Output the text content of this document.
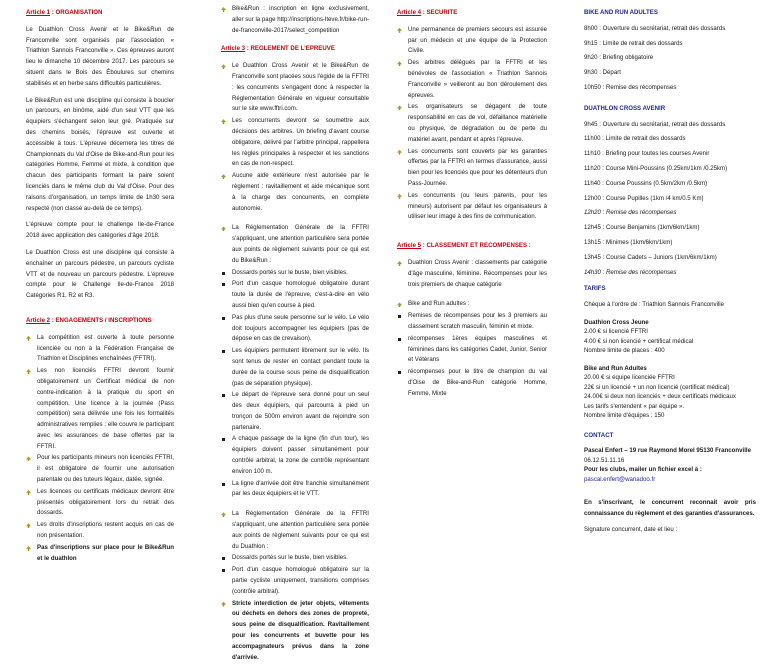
Article 1 : ORGANISATION

Le Duathlon Cross Avenir et le Bike&Run de Franconville sont organisés par l'association « Triathlon Sannois Franconville ». Ces épreuves auront lieu le dimanche 10 décembre 2017. Les parcours se situent dans le Bois des Éboulures sur chemins stabilisés et en herbe sans difficultés particulières.

Le Bike&Run est une discipline qui consiste à boucler un parcours, en binôme, aidé d'un seul VTT que les équipiers s'échangent selon leur gré. Pratiquée sur des chemins boisés, l'épreuve est ouverte et accessible à tous. L'épreuve décernera les titres de Championnats du Val d'Oise de Bike-and-Run pour les catégories Homme, Femme et mixte, à condition que chacun des participants formant la paire soient licenciés dans le même club du Val d'Oise. Pour des raisons d'organisation, un temps limite de 1h30 sera respecté (non classé au-delà de ce temps).

L'épreuve compte pour le challenge Ile-de-France 2018 avec application des catégories d'âge 2018.

Le Duathlon Cross est une discipline qui consiste à enchaîner un parcours pédestre, un parcours cycliste VTT et de nouveau un parcours pédestre. L'épreuve compte pour le Challenge Ile-de-France 2018 Catégories R1, R2 et R3.

Article 2 : ENGAGEMENTS / INSCRIPTIONS
La compétition est ouverte à toute personne licenciée ou non à la Fédération Française de Triathlon et Disciplines enchaînées (FFTRI).
Les non licenciés FFTRI devront fournir obligatoirement un Certificat médical de non contre-indication à la pratique du sport en compétition. Une licence à la journée (Pass compétition) sera délivrée une fois les formalités administratives remplies : elle couvre le participant avec les assurances de base offertes par la FFTRI.
Pour les participants mineurs non licenciés FFTRI, il est obligatoire de fournir une autorisation parentale ou des tuteurs légaux, datée, signée.
Les licences ou certificats médicaux devront être présentés obligatoirement lors du retrait des dossards.
Les droits d'inscriptions restent acquis en cas de non présentation.
Pas d'inscriptions sur place pour le Bike&Run et le duathlon
Bike&Run : inscription en ligne exclusivement, aller sur la page http://inscriptions-lteve.fr/bike-run-de-franconville-2017/select_competition
Article 3 : REGLEMENT DE L'EPREUVE
Le Duathlon Cross Avenir et le Bike&Run de Franconville sont placées sous l'égide de la FFTRI : les concurrents s'engagent donc à respecter la Réglementation Générale en vigueur consultable sur le site www.fftri.com.
Les concurrents devront se soumettre aux décisions des arbitres. Un briefing d'avant course obligatoire, délivré par l'arbitre principal, rappellera les règles principales à respecter et les sanctions en cas de non-respect.
Aucune aide extérieure n'est autorisée par le règlement : ravitaillement et aide mécanique sont à la charge des concurrents, en complète autonomie.
La Réglementation Générale de la FFTRI s'appliquant, une attention particulière sera portée aux points de règlement suivants pour ce qui est du Bike&Run :
Dossards portés sur le buste, bien visibles.
Port d'un casque homologué obligatoire durant toute la durée de l'épreuve, c'est-à-dire en vélo aussi bien qu'en course à pied.
Pas plus d'une seule personne sur le vélo. Le vélo doit toujours accompagner les équipiers (pas de dépose en cas de crevaison).
Les équipiers permutent librement sur le vélo. Ils sont tenus de rester en contact pendant toute la durée de la course sous peine de disqualification (pas de séparation physique).
Le départ de l'épreuve sera donné pour un seul des deux équipiers, qui parcourra à pied un tronçon de 500m environ avant de rejoindre son partenaire.
A chaque passage de la ligne (fin d'un tour), les équipiers doivent passer simultanément pour contrôle arbitral, la zone de contrôle représentant environ 100 m.
La ligne d'arrivée doit être franchie simultanément par les deux équipiers et le VTT.
La Réglementation Générale de la FFTRI s'appliquant, une attention particulière sera portée aux points de règlement suivants pour ce qui est du Duathlon :
Dossards portés sur le buste, bien visibles.
Port d'un casque homologué obligatoire sur la partie cycliste uniquement, transitions comprises (contrôle arbitral).
Stricte interdiction de jeter objets, vêtements ou déchets en dehors des zones de propreté, sous peine de disqualification. Ravitaillement pour les concurrents et buvette pour les accompagnateurs prévus dans la zone d'arrivée.
Article 4 : SECURITE
Une permanence de premiers secours est assurée par un médecin et une équipe de la Protection Civile.
Des arbitres délégués par la FFTRI et les bénévoles de l'association « Triathlon Sannois Franconville » veilleront au bon déroulement des épreuves.
Les organisateurs se dégagent de toute responsabilité en cas de vol, défaillance matérielle ou physique, de dégradation ou de perte du matériel avant, pendant et après l'épreuve.
Les concurrents sont couverts par les garanties offertes par la FFTRI en termes d'assurance, aussi bien pour les licenciés que pour les détenteurs d'un Pass-Journée.
Les concurrents (ou leurs parents, pour les mineurs) autorisent par défaut les organisateurs à utiliser leur image à des fins de communication.
Article 5 : CLASSEMENT ET RECOMPENSES :
Duathlon Cross Avenir : classements par catégorie d'âge masculine, féminine. Récompenses pour les trois premiers de chaque catégorie
Bike and Run adultes :
Remises de récompenses pour les 3 premiers au classement scratch masculin, féminin et mixte.
récompenses 1ères équipes masculines et féminines dans les catégories Cadet, Junior, Senior et Vétérans
récompenses pour le titre de champion du val d'Oise de Bike-and-Run catégorie Homme, Femme, Mixte
BIKE AND RUN ADULTES
8h00 : Ouverture du secrétariat, retrait des dossards
9h15 : Limite de retrait des dossards
9h20 : Briefing obligatoire
9h30 : Départ
10h50 : Remise des récompenses
DUATHLON CROSS AVENIR
9h45 : Ouverture du secrétariat, retrait des dossards
11h00 : Limite de retrait des dossards
11h10 : Briefing pour toutes les courses Avenir
11h20 : Course Mini-Poussins (0.25km/1km /0.25km)
11h40 : Course Poussins (0.5km/2km /0.5km)
12h00 : Course Pupilles (1km /4 km/0.5 Km)
12h20 : Remise des récompenses
12h45 : Course Benjamins (1km/6km/1km)
13h15 : Minimes (1km/6km/1km)
13h45 : Course Cadets – Juniors (1km/6km/1km)
14h30 : Remise des récompenses
TARIFS
Chèque à l'ordre de : Triathlon Sannois Franconville
Duathlon Cross Jeune
2.00 € si licencié FFTRI
4.00 € si non licencié + certificat médical
Nombre limite de places : 400
Bike and Run Adultes
20.00 € si équipe licenciée FFTRI
22€ si un licencié + un non licencié (certificat médical)
24.00€ si deux non licenciés + deux certificats médicaux
Les tarifs s'entendent « par équipe ».
Nombre limite d'équipes : 150
CONTACT
Pascal Enfert – 19 rue Raymond Morel 95130 Franconville
06.12.51.11.16
Pour les clubs, mailer un fichier excel à :
pascal.enfert@wanadoo.fr

En s'inscrivant, le concurrent reconnait avoir pris connaissance du règlement et des garanties d'assurances.

Signature concurrent, date et lieu :
